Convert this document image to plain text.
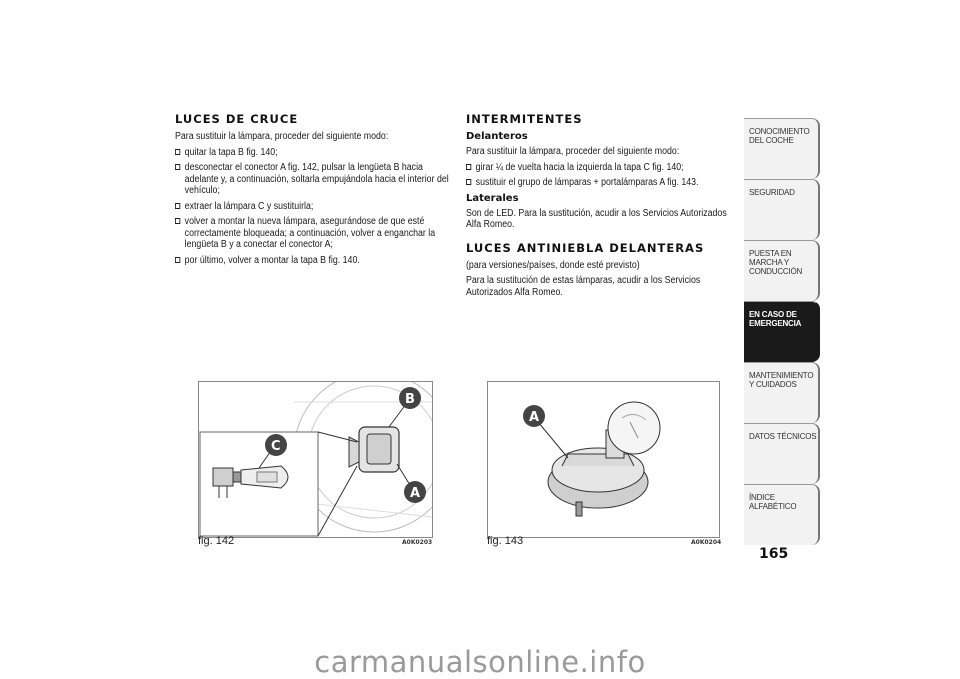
LUCES DE CRUCE
Para sustituir la lámpara, proceder del siguiente modo:
quitar la tapa B fig. 140;
desconectar el conector A fig. 142, pulsar la lengüeta B hacia adelante y, a continuación, soltarla empujándola hacia el interior del vehículo;
extraer la lámpara C y sustituirla;
volver a montar la nueva lámpara, asegurándose de que esté correctamente bloqueada; a continuación, volver a enganchar la lengüeta B y a conectar el conector A;
por último, volver a montar la tapa B fig. 140.
INTERMITENTES
Delanteros
Para sustituir la lámpara, proceder del siguiente modo:
girar ¼ de vuelta hacia la izquierda la tapa C fig. 140;
sustituir el grupo de lámparas + portalámparas A fig. 143.
Laterales
Son de LED. Para la sustitución, acudir a los Servicios Autorizados Alfa Romeo.
LUCES ANTINIEBLA DELANTERAS
(para versiones/países, donde esté previsto)
Para la sustitución de estas lámparas, acudir a los Servicios Autorizados Alfa Romeo.
B
C
A
fig. 142	A0K0203
A
fig. 143	A0K0204
CONOCIMIENTO DEL COCHE
SEGURIDAD
PUESTA EN MARCHA Y CONDUCCIÓN
EN CASO DE EMERGENCIA
MANTENIMIENTO Y CUIDADOS
DATOS TÉCNICOS
ÍNDICE ALFABÉTICO
165
carmanualsonline.info
